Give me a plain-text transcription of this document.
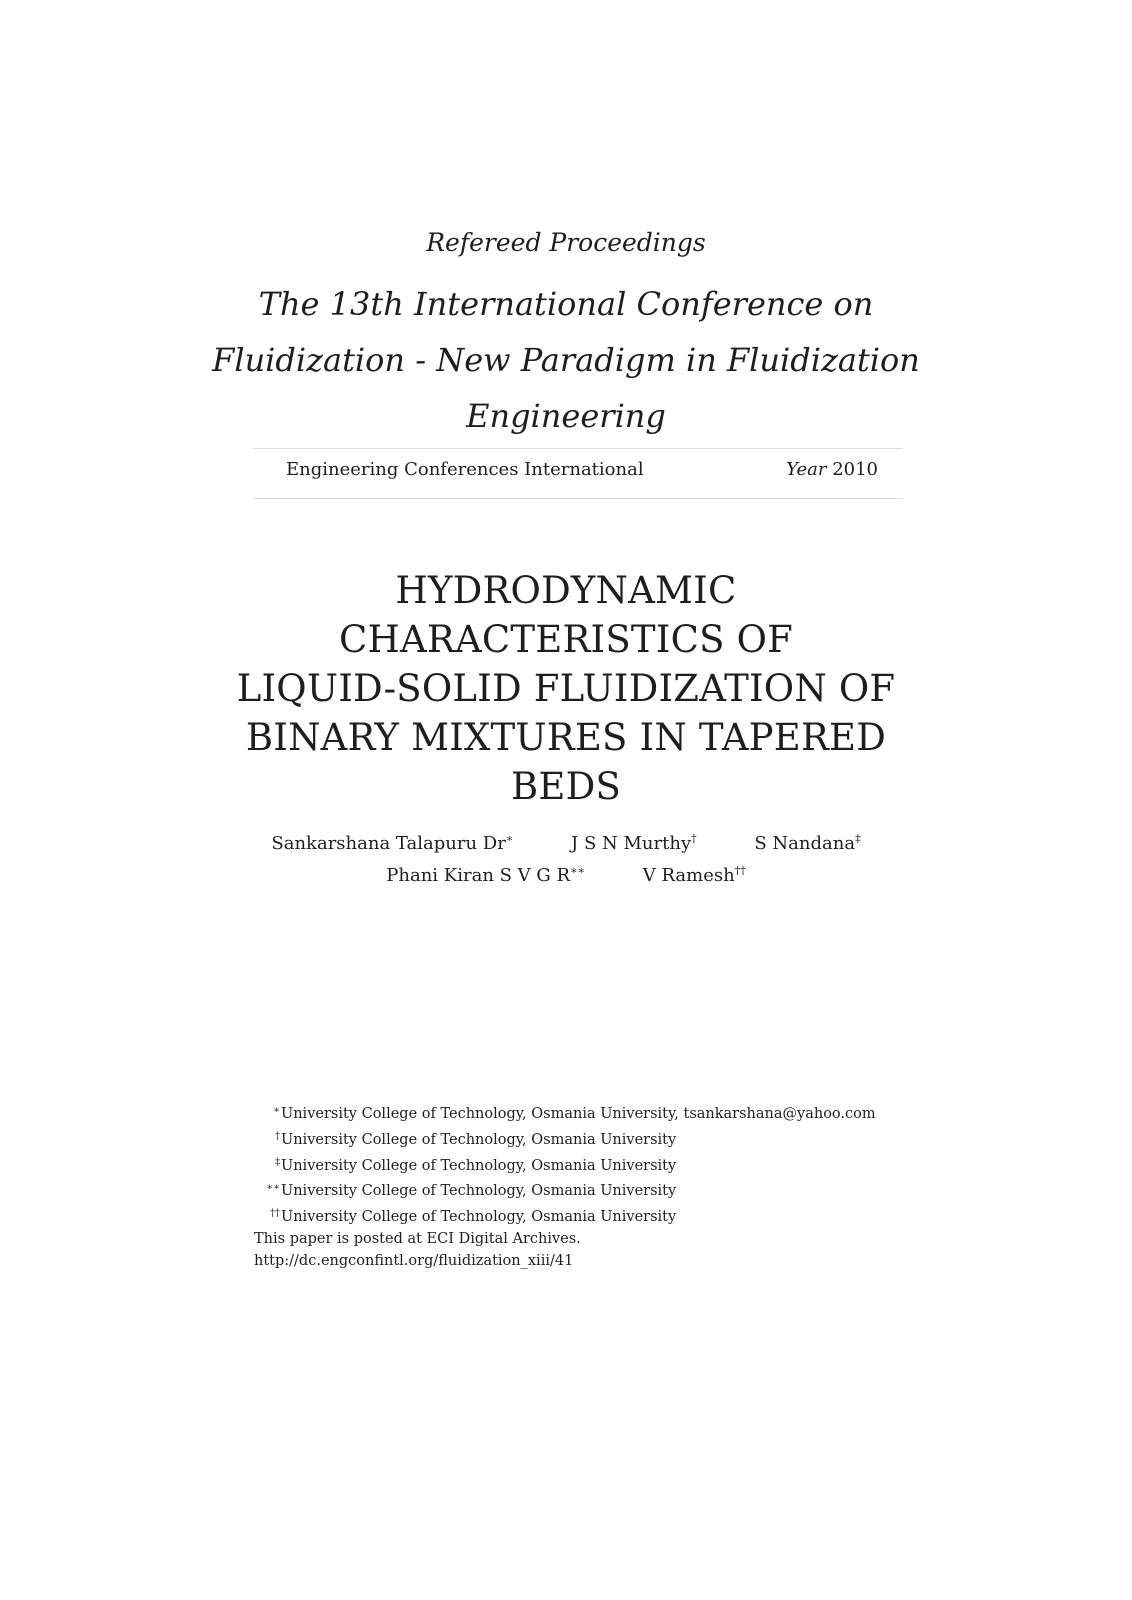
Refereed Proceedings
The 13th International Conference on
Fluidization - New Paradigm in Fluidization
Engineering
Engineering Conferences International	Year 2010
HYDRODYNAMIC
CHARACTERISTICS OF
LIQUID-SOLID FLUIDIZATION OF
BINARY MIXTURES IN TAPERED
BEDS
Sankarshana Talapuru Dr∗	J S N Murthy†	S Nandana‡
Phani Kiran S V G R∗∗	V Ramesh††
∗University College of Technology, Osmania University, tsankarshana@yahoo.com
†University College of Technology, Osmania University
‡University College of Technology, Osmania University
∗∗University College of Technology, Osmania University
††University College of Technology, Osmania University
This paper is posted at ECI Digital Archives.
http://dc.engconfintl.org/fluidization_xiii/41
